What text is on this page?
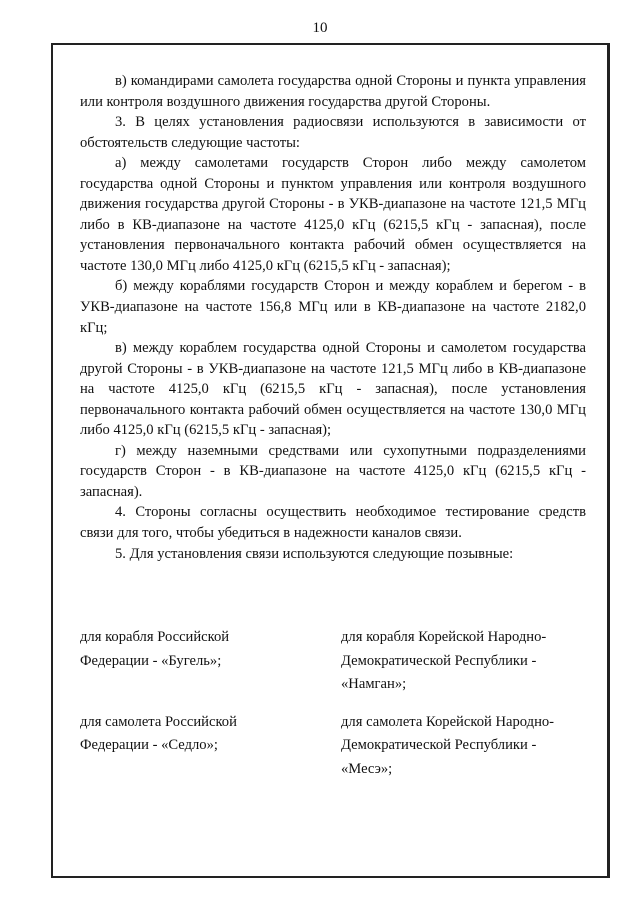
10

в) командирами самолета государства одной Стороны и пункта управления или контроля воздушного движения государства другой Стороны.

3. В целях установления радиосвязи используются в зависимости от обстоятельств следующие частоты:

а) между самолетами государств Сторон либо между самолетом государства одной Стороны и пунктом управления или контроля воздушного движения государства другой Стороны - в УКВ-диапазоне на частоте 121,5 МГц либо в КВ-диапазоне на частоте 4125,0 кГц (6215,5 кГц - запасная), после установления первоначального контакта рабочий обмен осуществляется на частоте 130,0 МГц либо 4125,0 кГц (6215,5 кГц - запасная);

б) между кораблями государств Сторон и между кораблем и берегом - в УКВ-диапазоне на частоте 156,8 МГц или в КВ-диапазоне на частоте 2182,0 кГц;

в) между кораблем государства одной Стороны и самолетом государства другой Стороны - в УКВ-диапазоне на частоте 121,5 МГц либо в КВ-диапазоне на частоте 4125,0 кГц (6215,5 кГц - запасная), после установления первоначального контакта рабочий обмен осуществляется на частоте 130,0 МГц либо 4125,0 кГц (6215,5 кГц - запасная);

г) между наземными средствами или сухопутными подразделениями государств Сторон - в КВ-диапазоне на частоте 4125,0 кГц (6215,5 кГц - запасная).

4. Стороны согласны осуществить необходимое тестирование средств связи для того, чтобы убедиться в надежности каналов связи.

5. Для установления связи используются следующие позывные:

для корабля Российской
Федерации - «Бугель»;
для корабля Корейской Народно-
Демократической Республики -
«Намган»;
для самолета Российской
Федерации - «Седло»;
для самолета Корейской Народно-
Демократической Республики -
«Месэ»;
